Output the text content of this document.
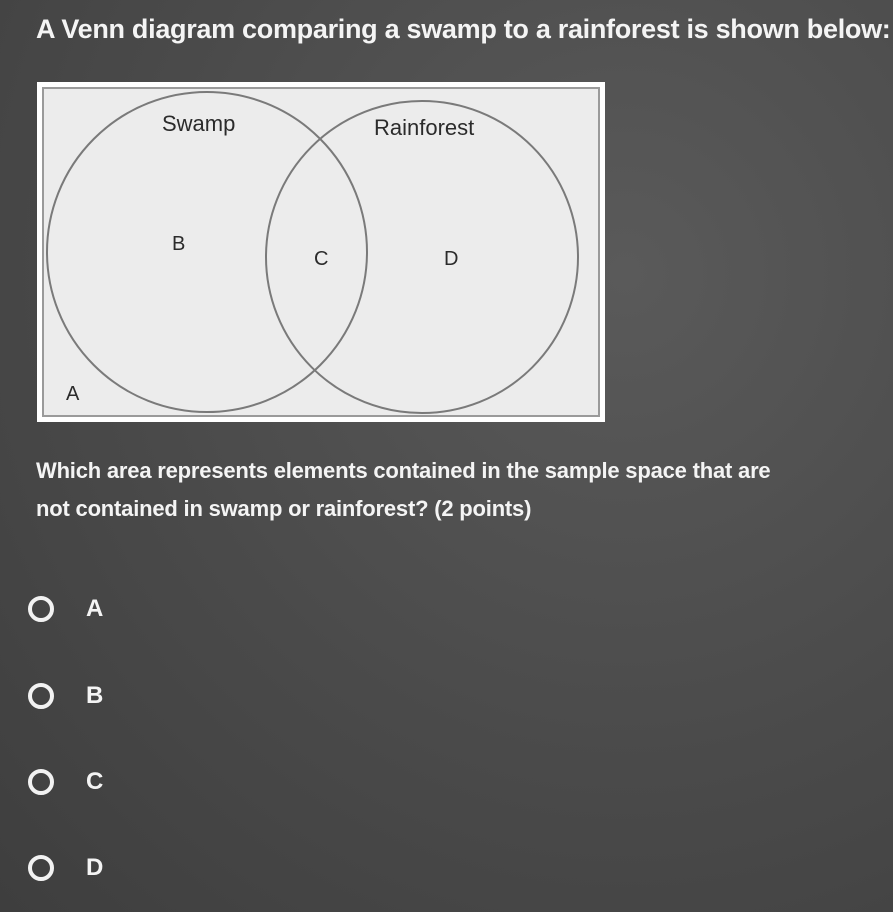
A Venn diagram comparing a swamp to a rainforest is shown below:
Swamp	Rainforest
B
C	D
A
Which area represents elements contained in the sample space that are
not contained in swamp or rainforest? (2 points)
A
B
C
D
